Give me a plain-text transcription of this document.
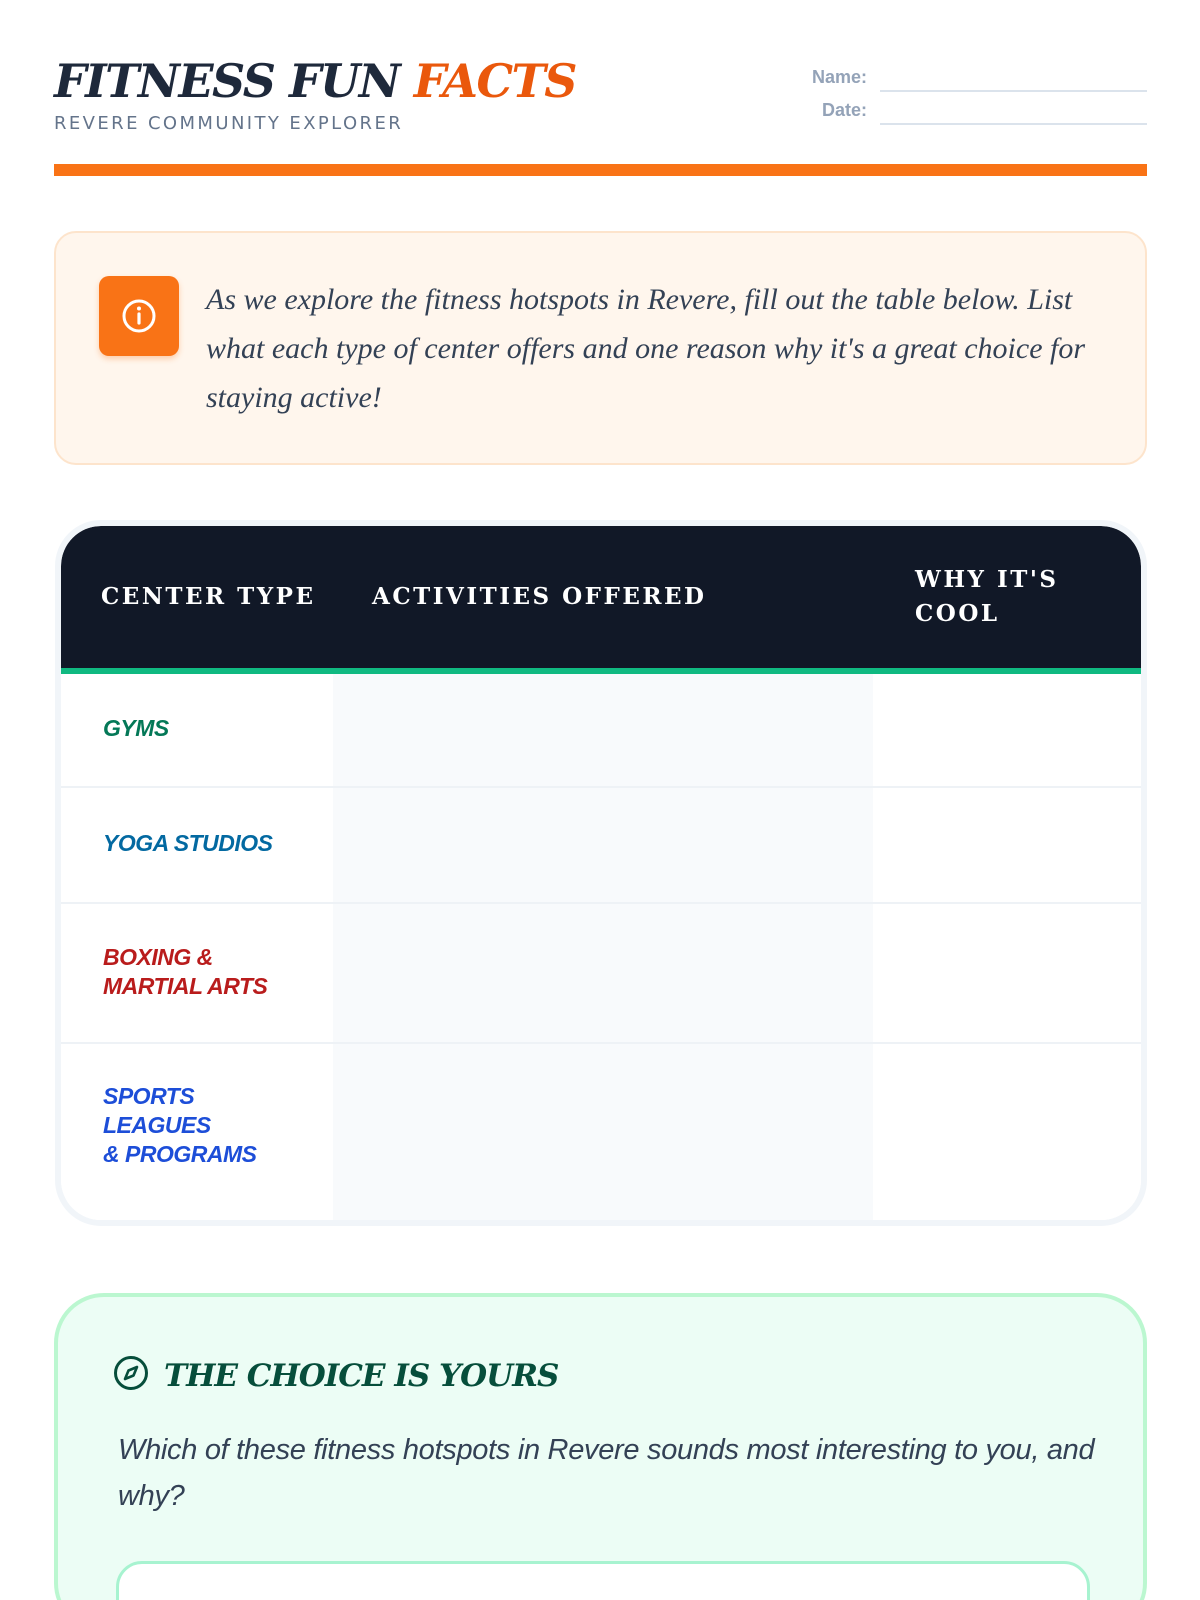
FITNESS FUN FACTS
REVERE COMMUNITY EXPLORER
Name:
Date:
As we explore the fitness hotspots in Revere, fill out the table below. List what each type of center offers and one reason why it's a great choice for staying active!
CENTER TYPE ACTIVITIES OFFERED
WHY IT'S COOL
GYMS
YOGA STUDIOS
BOXING &
MARTIAL ARTS
SPORTS
LEAGUES
& PROGRAMS
THE CHOICE IS YOURS
Which of these fitness hotspots in Revere sounds most interesting to you, and why?
